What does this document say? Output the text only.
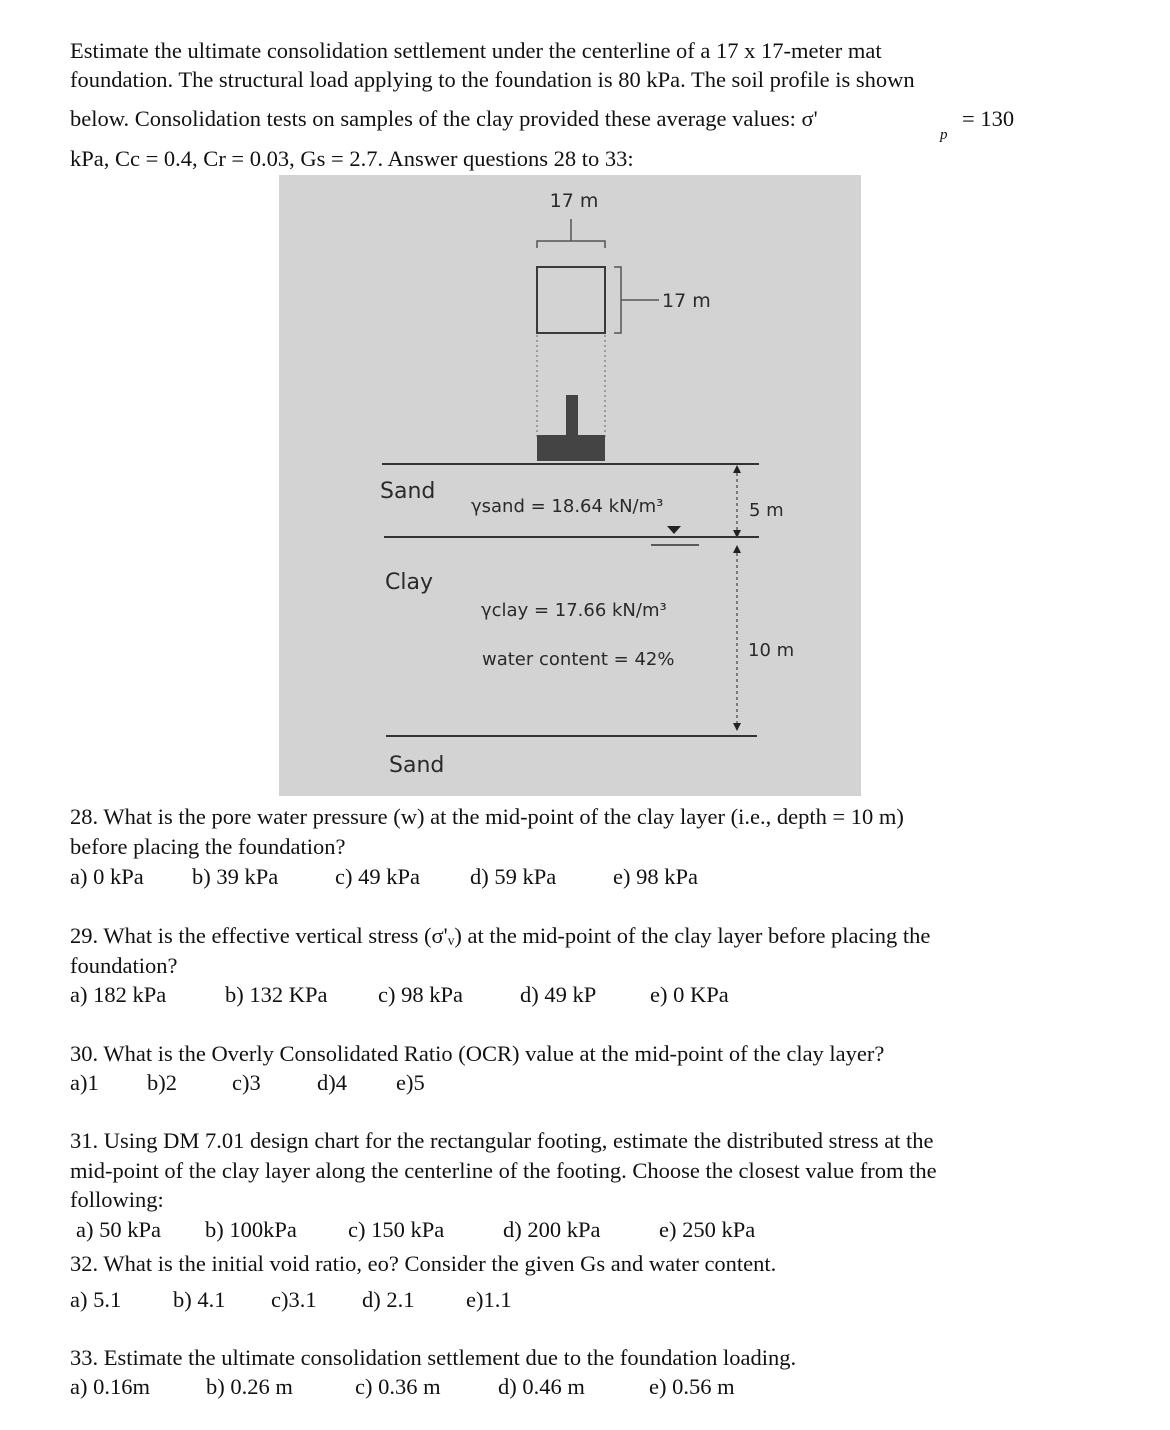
Estimate the ultimate consolidation settlement under the centerline of a 17 x 17-meter mat
foundation. The structural load applying to the foundation is 80 kPa. The soil profile is shown
below. Consolidation tests on samples of the clay provided these average values: σ'
p
= 130
kPa, Cc = 0.4, Cr = 0.03, Gs = 2.7. Answer questions 28 to 33:
17 m
17 m
Sand
γsand = 18.64 kN/m³	5 m
Clay
γclay = 17.66 kN/m³
water content = 42%	10 m
Sand
28. What is the pore water pressure (w) at the mid-point of the clay layer (i.e., depth = 10 m)
before placing the foundation?
a) 0 kPa b) 39 kPa	c) 49 kPa d) 59 kPa	e) 98 kPa
29. What is the effective vertical stress (σ'ᵥ) at the mid-point of the clay layer before placing the
foundation?
a) 182 kPa	b) 132 KPa c) 98 kPa	d) 49 kP e) 0 KPa
30. What is the Overly Consolidated Ratio (OCR) value at the mid-point of the clay layer?
a)1 b)2 c)3	d)4 e)5
31. Using DM 7.01 design chart for the rectangular footing, estimate the distributed stress at the
mid-point of the clay layer along the centerline of the footing. Choose the closest value from the
following:
a) 50 kPa b) 100kPa c) 150 kPa	d) 200 kPa	e) 250 kPa
32. What is the initial void ratio, eo? Consider the given Gs and water content.
a) 5.1 b) 4.1 c)3.1 d) 2.1 e)1.1
33. Estimate the ultimate consolidation settlement due to the foundation loading.
a) 0.16m b) 0.26 m	c) 0.36 m	d) 0.46 m	e) 0.56 m
